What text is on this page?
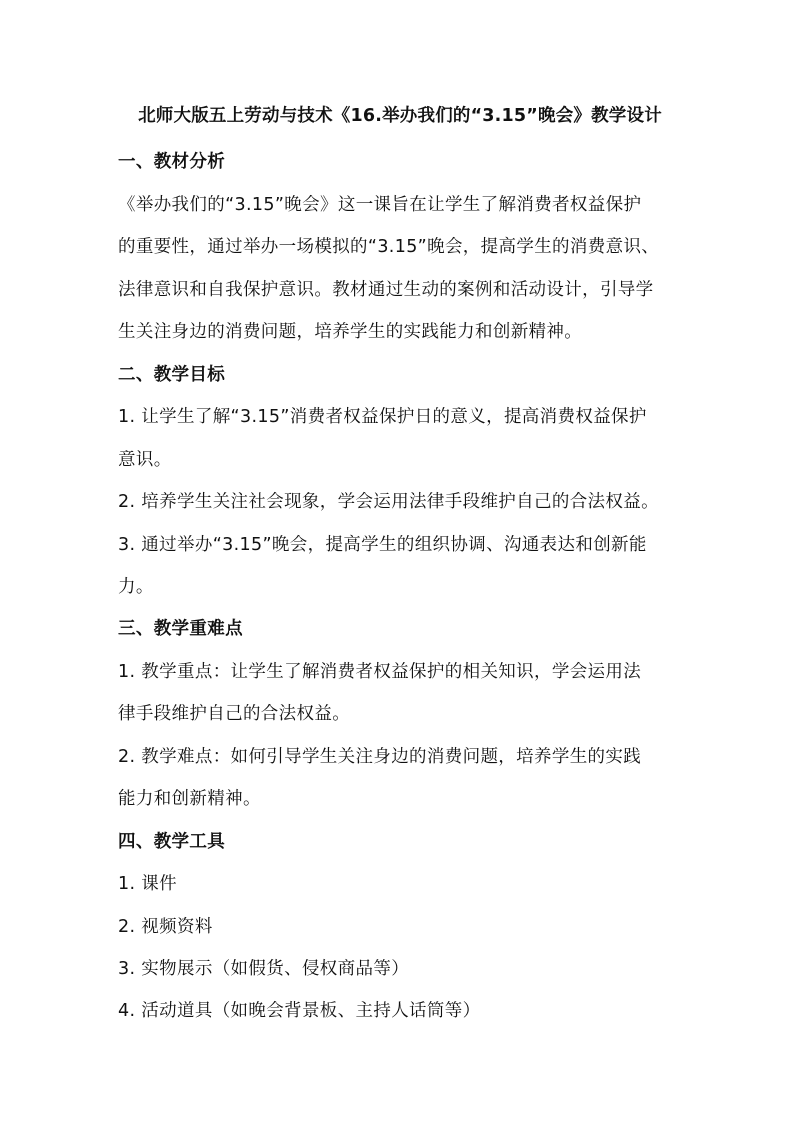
北师大版五上劳动与技术《16.举办我们的“3.15”晚会》教学设计
一、教材分析
《举办我们的“3.15”晚会》这一课旨在让学生了解消费者权益保护
的重要性，通过举办一场模拟的“3.15”晚会，提高学生的消费意识、
法律意识和自我保护意识。教材通过生动的案例和活动设计，引导学
生关注身边的消费问题，培养学生的实践能力和创新精神。
二、教学目标
1. 让学生了解“3.15”消费者权益保护日的意义，提高消费权益保护
意识。
2. 培养学生关注社会现象，学会运用法律手段维护自己的合法权益。
3. 通过举办“3.15”晚会，提高学生的组织协调、沟通表达和创新能
力。
三、教学重难点
1. 教学重点：让学生了解消费者权益保护的相关知识，学会运用法
律手段维护自己的合法权益。
2. 教学难点：如何引导学生关注身边的消费问题，培养学生的实践
能力和创新精神。
四、教学工具
1. 课件
2. 视频资料
3. 实物展示（如假货、侵权商品等）
4. 活动道具（如晚会背景板、主持人话筒等）
